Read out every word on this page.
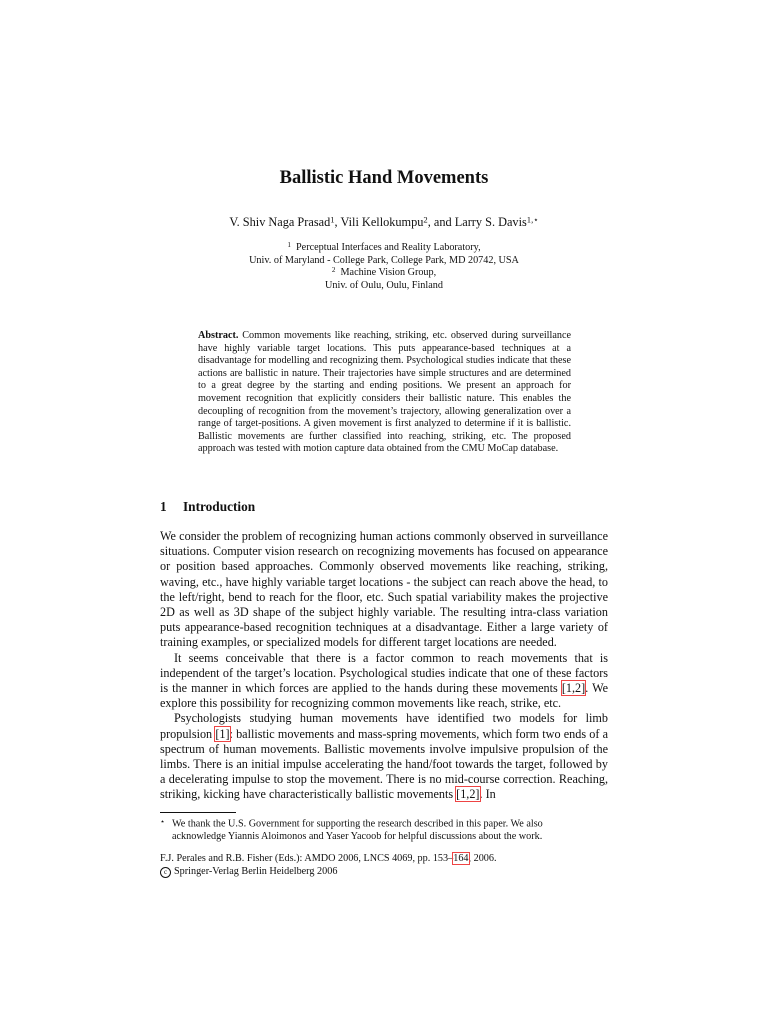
Ballistic Hand Movements
V. Shiv Naga Prasad$^1$, Vili Kellokumpu$^2$, and Larry S. Davis$^{1,⋆}$
$^1$ Perceptual Interfaces and Reality Laboratory,
Univ. of Maryland - College Park, College Park, MD 20742, USA
$^2$ Machine Vision Group,
Univ. of Oulu, Oulu, Finland
Abstract. Common movements like reaching, striking, etc. observed during surveillance have highly variable target locations. This puts appearance-based techniques at a disadvantage for modelling and recognizing them. Psychological studies indicate that these actions are ballistic in nature. Their trajectories have simple structures and are determined to a great degree by the starting and ending positions. We present an approach for movement recognition that explicitly considers their ballistic nature. This enables the decoupling of recognition from the movement’s trajectory, allowing generalization over a range of target-positions. A given movement is first analyzed to determine if it is ballistic. Ballistic movements are further classified into reaching, striking, etc. The proposed approach was tested with motion capture data obtained from the CMU MoCap database.
1 Introduction

We consider the problem of recognizing human actions commonly observed in surveillance situations. Computer vision research on recognizing movements has focused on appearance or position based approaches. Commonly observed movements like reaching, striking, waving, etc., have highly variable target locations - the subject can reach above the head, to the left/right, bend to reach for the floor, etc. Such spatial variability makes the projective 2D as well as 3D shape of the subject highly variable. The resulting intra-class variation puts appearance-based recognition techniques at a disadvantage. Either a large variety of training examples, or specialized models for different target locations are needed.

It seems conceivable that there is a factor common to reach movements that is independent of the target’s location. Psychological studies indicate that one of these factors is the manner in which forces are applied to the hands during these movements [1,2]. We explore this possibility for recognizing common movements like reach, strike, etc.

Psychologists studying human movements have identified two models for limb propulsion [1]: ballistic movements and mass-spring movements, which form two ends of a spectrum of human movements. Ballistic movements involve impulsive propulsion of the limbs. There is an initial impulse accelerating the hand/foot towards the target, followed by a decelerating impulse to stop the movement. There is no mid-course correction. Reaching, striking, kicking have characteristically ballistic movements [1,2]. In

⋆ We thank the U.S. Government for supporting the research described in this paper. We also
acknowledge Yiannis Aloimonos and Yaser Yacoob for helpful discussions about the work.
F.J. Perales and R.B. Fisher (Eds.): AMDO 2006, LNCS 4069, pp. 153–164, 2006.
c Springer-Verlag Berlin Heidelberg 2006
